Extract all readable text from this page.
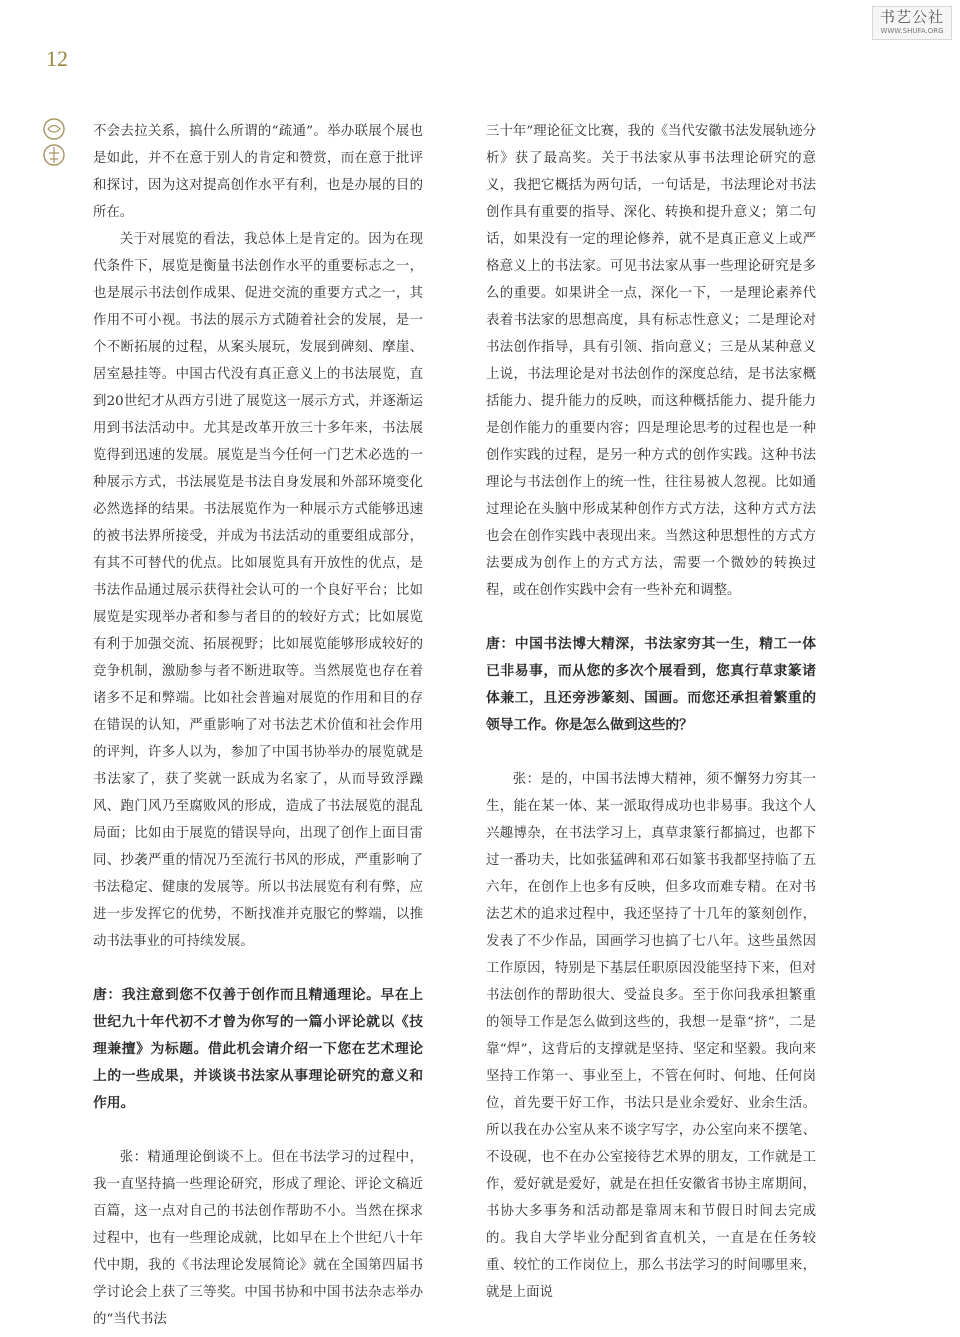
12
书艺公社
WWW.SHUFA.ORG

不会去拉关系，搞什么所谓的“疏通”。举办联展个展也是如此，并不在意于别人的肯定和赞赏，而在意于批评和探讨，因为这对提高创作水平有利，也是办展的目的所在。

关于对展览的看法，我总体上是肯定的。因为在现代条件下，展览是衡量书法创作水平的重要标志之一，也是展示书法创作成果、促进交流的重要方式之一，其作用不可小视。书法的展示方式随着社会的发展，是一个不断拓展的过程，从案头展玩，发展到碑刻、摩崖、居室悬挂等。中国古代没有真正意义上的书法展览，直到20世纪才从西方引进了展览这一展示方式，并逐渐运用到书法活动中。尤其是改革开放三十多年来，书法展览得到迅速的发展。展览是当今任何一门艺术必选的一种展示方式，书法展览是书法自身发展和外部环境变化必然选择的结果。书法展览作为一种展示方式能够迅速的被书法界所接受，并成为书法活动的重要组成部分，有其不可替代的优点。比如展览具有开放性的优点，是书法作品通过展示获得社会认可的一个良好平台；比如展览是实现举办者和参与者目的的较好方式；比如展览有利于加强交流、拓展视野；比如展览能够形成较好的竞争机制，激励参与者不断进取等。当然展览也存在着诸多不足和弊端。比如社会普遍对展览的作用和目的存在错误的认知，严重影响了对书法艺术价值和社会作用的评判，许多人以为，参加了中国书协举办的展览就是书法家了，获了奖就一跃成为名家了，从而导致浮躁风、跑门风乃至腐败风的形成，造成了书法展览的混乱局面；比如由于展览的错误导向，出现了创作上面目雷同、抄袭严重的情况乃至流行书风的形成，严重影响了书法稳定、健康的发展等。所以书法展览有利有弊，应进一步发挥它的优势，不断找准并克服它的弊端，以推动书法事业的可持续发展。

唐：我注意到您不仅善于创作而且精通理论。早在上世纪九十年代初不才曾为你写的一篇小评论就以《技理兼擅》为标题。借此机会请介绍一下您在艺术理论上的一些成果，并谈谈书法家从事理论研究的意义和作用。

张：精通理论倒谈不上。但在书法学习的过程中，我一直坚持搞一些理论研究，形成了理论、评论文稿近百篇，这一点对自己的书法创作帮助不小。当然在探求过程中，也有一些理论成就，比如早在上个世纪八十年代中期，我的《书法理论发展简论》就在全国第四届书学讨论会上获了三等奖。中国书协和中国书法杂志举办的“当代书法

三十年”理论征文比赛，我的《当代安徽书法发展轨迹分析》获了最高奖。关于书法家从事书法理论研究的意义，我把它概括为两句话，一句话是，书法理论对书法创作具有重要的指导、深化、转换和提升意义；第二句话，如果没有一定的理论修养，就不是真正意义上或严格意义上的书法家。可见书法家从事一些理论研究是多么的重要。如果讲全一点，深化一下，一是理论素养代表着书法家的思想高度，具有标志性意义；二是理论对书法创作指导，具有引领、指向意义；三是从某种意义上说，书法理论是对书法创作的深度总结，是书法家概括能力、提升能力的反映，而这种概括能力、提升能力是创作能力的重要内容；四是理论思考的过程也是一种创作实践的过程，是另一种方式的创作实践。这种书法理论与书法创作上的统一性，往往易被人忽视。比如通过理论在头脑中形成某种创作方式方法，这种方式方法也会在创作实践中表现出来。当然这种思想性的方式方法要成为创作上的方式方法，需要一个微妙的转换过程，或在创作实践中会有一些补充和调整。

唐：中国书法博大精深，书法家穷其一生，精工一体已非易事，而从您的多次个展看到，您真行草隶篆诸体兼工，且还旁涉篆刻、国画。而您还承担着繁重的领导工作。你是怎么做到这些的？

张：是的，中国书法博大精神，须不懈努力穷其一生，能在某一体、某一派取得成功也非易事。我这个人兴趣博杂，在书法学习上，真草隶篆行都搞过，也都下过一番功夫，比如张猛碑和邓石如篆书我都坚持临了五六年，在创作上也多有反映，但多攻而难专精。在对书法艺术的追求过程中，我还坚持了十几年的篆刻创作，发表了不少作品，国画学习也搞了七八年。这些虽然因工作原因，特别是下基层任职原因没能坚持下来，但对书法创作的帮助很大、受益良多。至于你问我承担繁重的领导工作是怎么做到这些的，我想一是靠“挤”，二是靠“焊”，这背后的支撑就是坚持、坚定和坚毅。我向来坚持工作第一、事业至上，不管在何时、何地、任何岗位，首先要干好工作，书法只是业余爱好、业余生活。所以我在办公室从来不谈字写字，办公室向来不摆笔、不设砚，也不在办公室接待艺术界的朋友，工作就是工作，爱好就是爱好，就是在担任安徽省书协主席期间，书协大多事务和活动都是靠周末和节假日时间去完成的。我自大学毕业分配到省直机关，一直是在任务较重、较忙的工作岗位上，那么书法学习的时间哪里来，就是上面说
